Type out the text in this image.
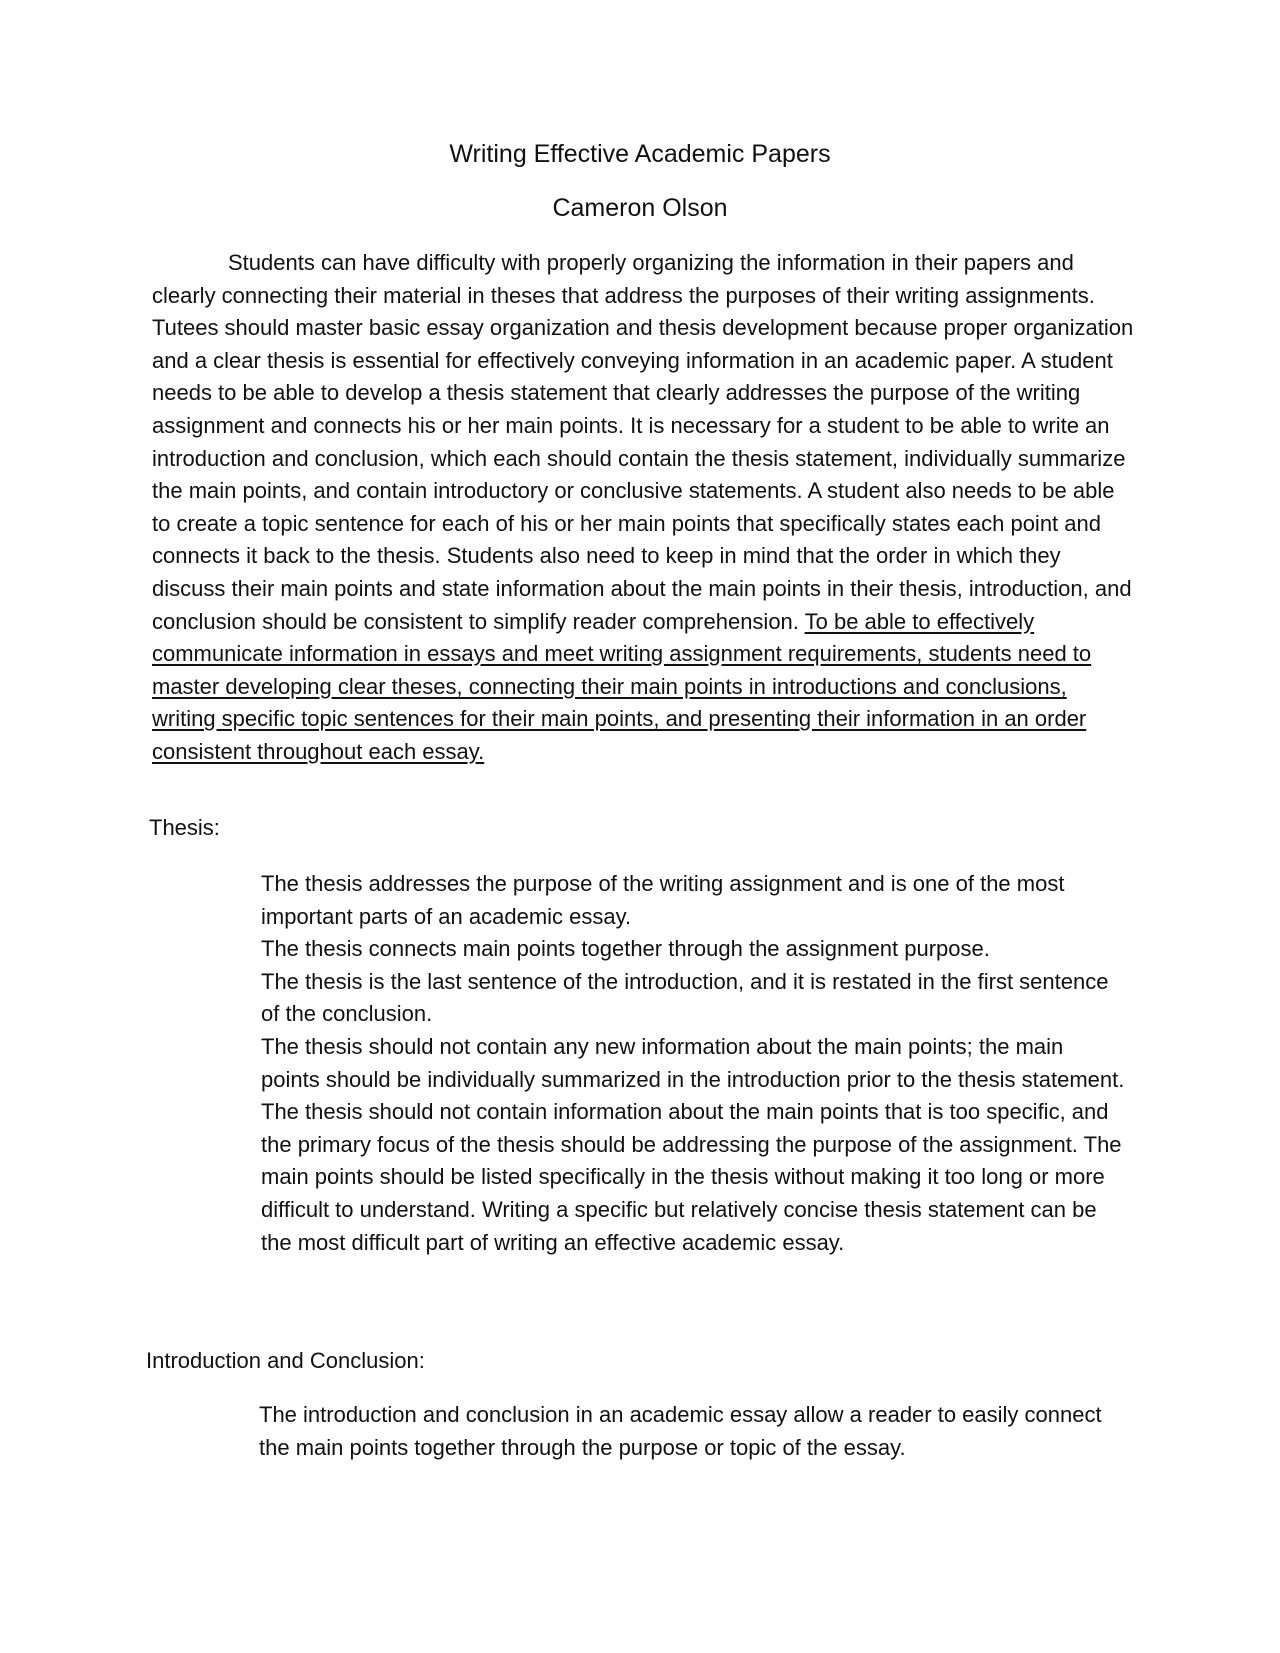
Writing Effective Academic Papers
Cameron Olson

Students can have difficulty with properly organizing the information in their papers and clearly connecting their material in theses that address the purposes of their writing assignments. Tutees should master basic essay organization and thesis development because proper organization and a clear thesis is essential for effectively conveying information in an academic paper. A student needs to be able to develop a thesis statement that clearly addresses the purpose of the writing assignment and connects his or her main points. It is necessary for a student to be able to write an introduction and conclusion, which each should contain the thesis statement, individually summarize the main points, and contain introductory or conclusive statements. A student also needs to be able to create a topic sentence for each of his or her main points that specifically states each point and connects it back to the thesis. Students also need to keep in mind that the order in which they discuss their main points and state information about the main points in their thesis, introduction, and conclusion should be consistent to simplify reader comprehension. To be able to effectively communicate information in essays and meet writing assignment requirements, students need to master developing clear theses, connecting their main points in introductions and conclusions, writing specific topic sentences for their main points, and presenting their information in an order consistent throughout each essay.

Thesis:

The thesis addresses the purpose of the writing assignment and is one of the most important parts of an academic essay.
The thesis connects main points together through the assignment purpose.
The thesis is the last sentence of the introduction, and it is restated in the first sentence of the conclusion.
The thesis should not contain any new information about the main points; the main points should be individually summarized in the introduction prior to the thesis statement.
The thesis should not contain information about the main points that is too specific, and the primary focus of the thesis should be addressing the purpose of the assignment. The main points should be listed specifically in the thesis without making it too long or more difficult to understand. Writing a specific but relatively concise thesis statement can be the most difficult part of writing an effective academic essay.

Introduction and Conclusion:

The introduction and conclusion in an academic essay allow a reader to easily connect the main points together through the purpose or topic of the essay.
